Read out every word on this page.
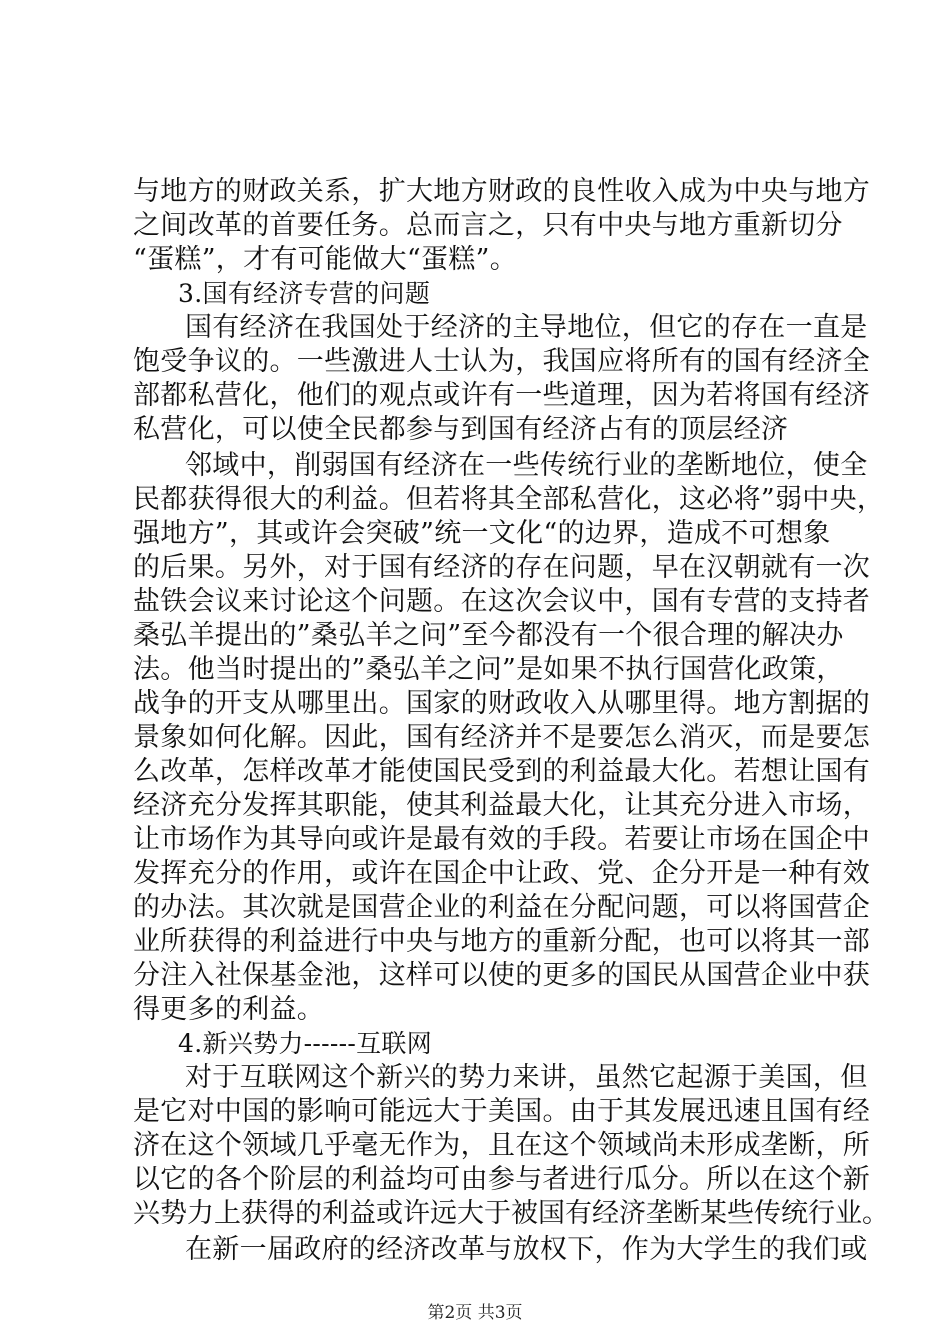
与地方的财政关系，扩大地方财政的良性收入成为中央与地方
之间改革的首要任务。总而言之，只有中央与地方重新切分
“蛋糕”，才有可能做大“蛋糕”。
3.国有经济专营的问题
国有经济在我国处于经济的主导地位，但它的存在一直是
饱受争议的。一些激进人士认为，我国应将所有的国有经济全
部都私营化，他们的观点或许有一些道理，因为若将国有经济
私营化，可以使全民都参与到国有经济占有的顶层经济
邻域中，削弱国有经济在一些传统行业的垄断地位，使全
民都获得很大的利益。但若将其全部私营化，这必将”弱中央，
强地方”，其或许会突破”统一文化“的边界，造成不可想象
的后果。另外，对于国有经济的存在问题，早在汉朝就有一次
盐铁会议来讨论这个问题。在这次会议中，国有专营的支持者
桑弘羊提出的”桑弘羊之问”至今都没有一个很合理的解决办
法。他当时提出的”桑弘羊之问”是如果不执行国营化政策，
战争的开支从哪里出。国家的财政收入从哪里得。地方割据的
景象如何化解。因此，国有经济并不是要怎么消灭，而是要怎
么改革，怎样改革才能使国民受到的利益最大化。若想让国有
经济充分发挥其职能，使其利益最大化，让其充分进入市场，
让市场作为其导向或许是最有效的手段。若要让市场在国企中
发挥充分的作用，或许在国企中让政、党、企分开是一种有效
的办法。其次就是国营企业的利益在分配问题，可以将国营企
业所获得的利益进行中央与地方的重新分配，也可以将其一部
分注入社保基金池，这样可以使的更多的国民从国营企业中获
得更多的利益。
4.新兴势力------互联网
对于互联网这个新兴的势力来讲，虽然它起源于美国，但
是它对中国的影响可能远大于美国。由于其发展迅速且国有经
济在这个领域几乎毫无作为，且在这个领域尚未形成垄断，所
以它的各个阶层的利益均可由参与者进行瓜分。所以在这个新
兴势力上获得的利益或许远大于被国有经济垄断某些传统行业。
在新一届政府的经济改革与放权下，作为大学生的我们或
第2页 共3页
